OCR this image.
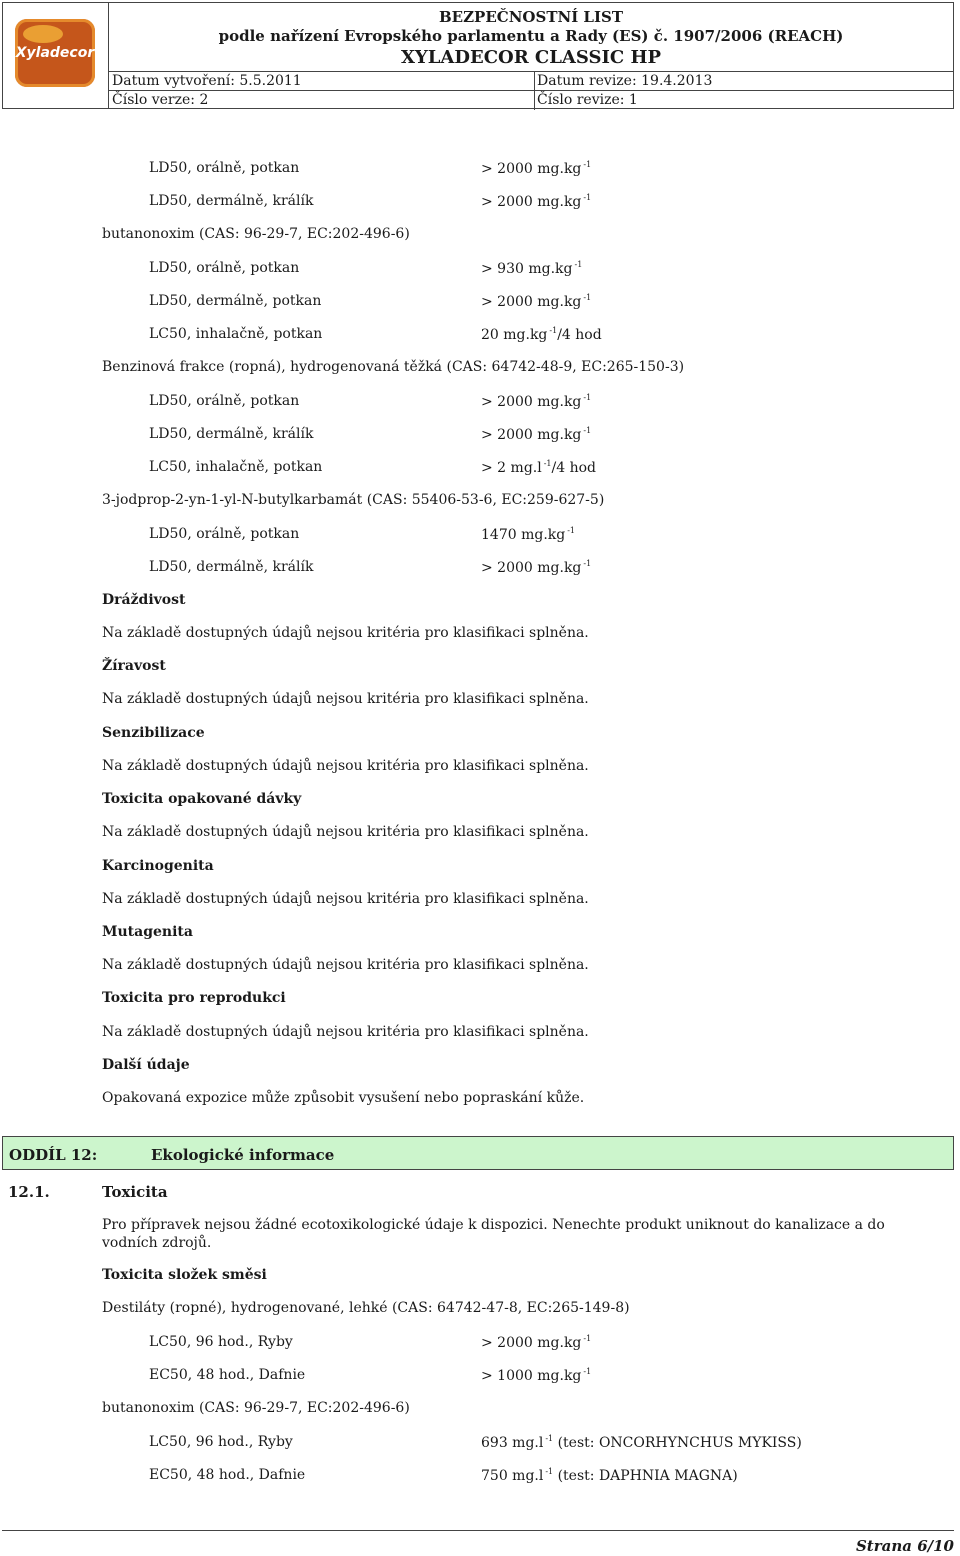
Xyladecor
BEZPEČNOSTNÍ LIST
podle nařízení Evropského parlamentu a Rady (ES) č. 1907/2006 (REACH)
XYLADECOR CLASSIC HP
Datum vytvoření: 5.5.2011	Datum revize: 19.4.2013
Číslo verze: 2	Číslo revize: 1
LD50, orálně, potkan	> 2000 mg.kg $^{-1}$
LD50, dermálně, králík	> 2000 mg.kg $^{-1}$
butanonoxim (CAS: 96-29-7, EC:202-496-6)
LD50, orálně, potkan	> 930 mg.kg $^{-1}$
LD50, dermálně, potkan	> 2000 mg.kg $^{-1}$
LC50, inhalačně, potkan	20 mg.kg $^{-1}$/4 hod
Benzinová frakce (ropná), hydrogenovaná těžká (CAS: 64742-48-9, EC:265-150-3)
LD50, orálně, potkan	> 2000 mg.kg $^{-1}$
LD50, dermálně, králík	> 2000 mg.kg $^{-1}$
LC50, inhalačně, potkan	> 2 mg.l $^{-1}$/4 hod
3-jodprop-2-yn-1-yl-N-butylkarbamát (CAS: 55406-53-6, EC:259-627-5)
LD50, orálně, potkan	1470 mg.kg $^{-1}$
LD50, dermálně, králík	> 2000 mg.kg $^{-1}$
Dráždivost
Na základě dostupných údajů nejsou kritéria pro klasifikaci splněna.
Žíravost
Na základě dostupných údajů nejsou kritéria pro klasifikaci splněna.
Senzibilizace
Na základě dostupných údajů nejsou kritéria pro klasifikaci splněna.
Toxicita opakované dávky
Na základě dostupných údajů nejsou kritéria pro klasifikaci splněna.
Karcinogenita
Na základě dostupných údajů nejsou kritéria pro klasifikaci splněna.
Mutagenita
Na základě dostupných údajů nejsou kritéria pro klasifikaci splněna.
Toxicita pro reprodukci
Na základě dostupných údajů nejsou kritéria pro klasifikaci splněna.
Další údaje
Opakovaná expozice může způsobit vysušení nebo popraskání kůže.
ODDÍL 12:	Ekologické informace
12.1.	Toxicita
Pro přípravek nejsou žádné ecotoxikologické údaje k dispozici. Nenechte produkt uniknout do kanalizace a do vodních zdrojů.
Toxicita složek směsi
Destiláty (ropné), hydrogenované, lehké (CAS: 64742-47-8, EC:265-149-8)
LC50, 96 hod., Ryby	> 2000 mg.kg $^{-1}$
EC50, 48 hod., Dafnie	> 1000 mg.kg $^{-1}$
butanonoxim (CAS: 96-29-7, EC:202-496-6)
LC50, 96 hod., Ryby	693 mg.l $^{-1}$ (test: ONCORHYNCHUS MYKISS)
EC50, 48 hod., Dafnie	750 mg.l $^{-1}$ (test: DAPHNIA MAGNA)
Strana 6/10
